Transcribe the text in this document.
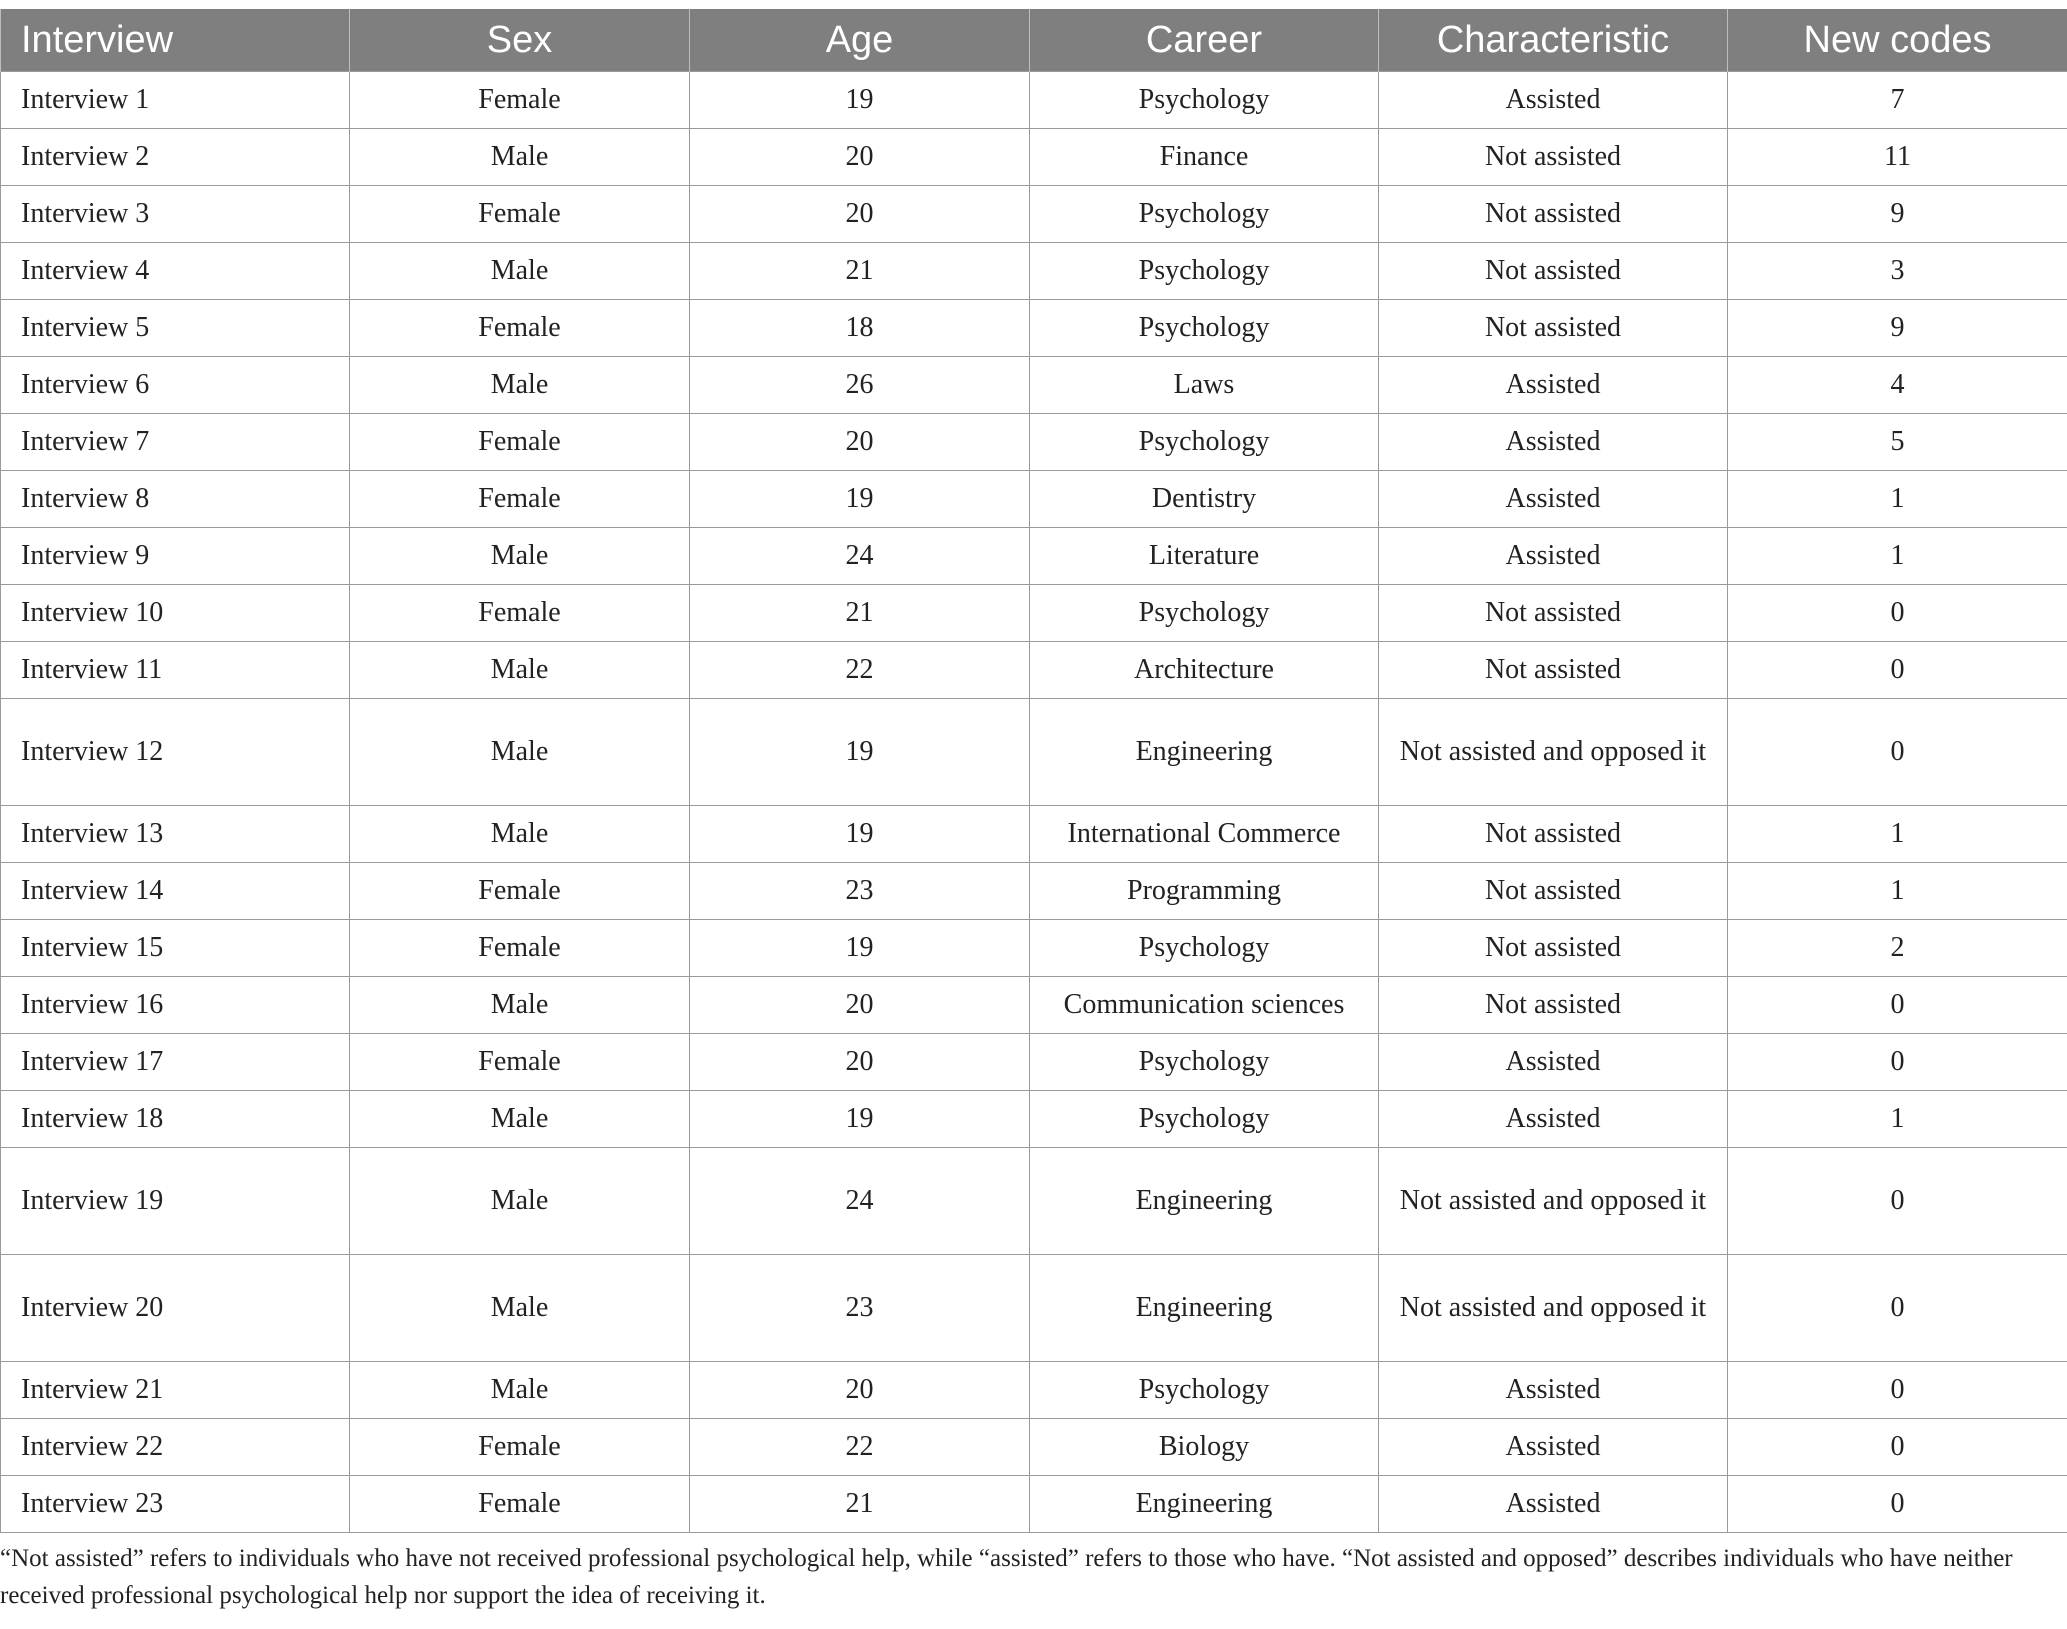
Interview	Sex	Age	Career	Characteristic	New codes
Interview 1	Female	19	Psychology	Assisted	7
Interview 2	Male	20	Finance	Not assisted	11
Interview 3	Female	20	Psychology	Not assisted	9
Interview 4	Male	21	Psychology	Not assisted	3
Interview 5	Female	18	Psychology	Not assisted	9
Interview 6	Male	26	Laws	Assisted	4
Interview 7	Female	20	Psychology	Assisted	5
Interview 8	Female	19	Dentistry	Assisted	1
Interview 9	Male	24	Literature	Assisted	1
Interview 10	Female	21	Psychology	Not assisted	0
Interview 11	Male	22	Architecture	Not assisted	0
Interview 12	Male	19	Engineering	Not assisted and opposed it	0
Interview 13	Male	19	International Commerce	Not assisted	1
Interview 14	Female	23	Programming	Not assisted	1
Interview 15	Female	19	Psychology	Not assisted	2
Interview 16	Male	20	Communication sciences	Not assisted	0
Interview 17	Female	20	Psychology	Assisted	0
Interview 18	Male	19	Psychology	Assisted	1
Interview 19	Male	24	Engineering	Not assisted and opposed it	0
Interview 20	Male	23	Engineering	Not assisted and opposed it	0
Interview 21	Male	20	Psychology	Assisted	0
Interview 22	Female	22	Biology	Assisted	0
Interview 23	Female	21	Engineering	Assisted	0
“Not assisted” refers to individuals who have not received professional psychological help, while “assisted” refers to those who have. “Not assisted and opposed” describes individuals who have neither received professional psychological help nor support the idea of receiving it.
